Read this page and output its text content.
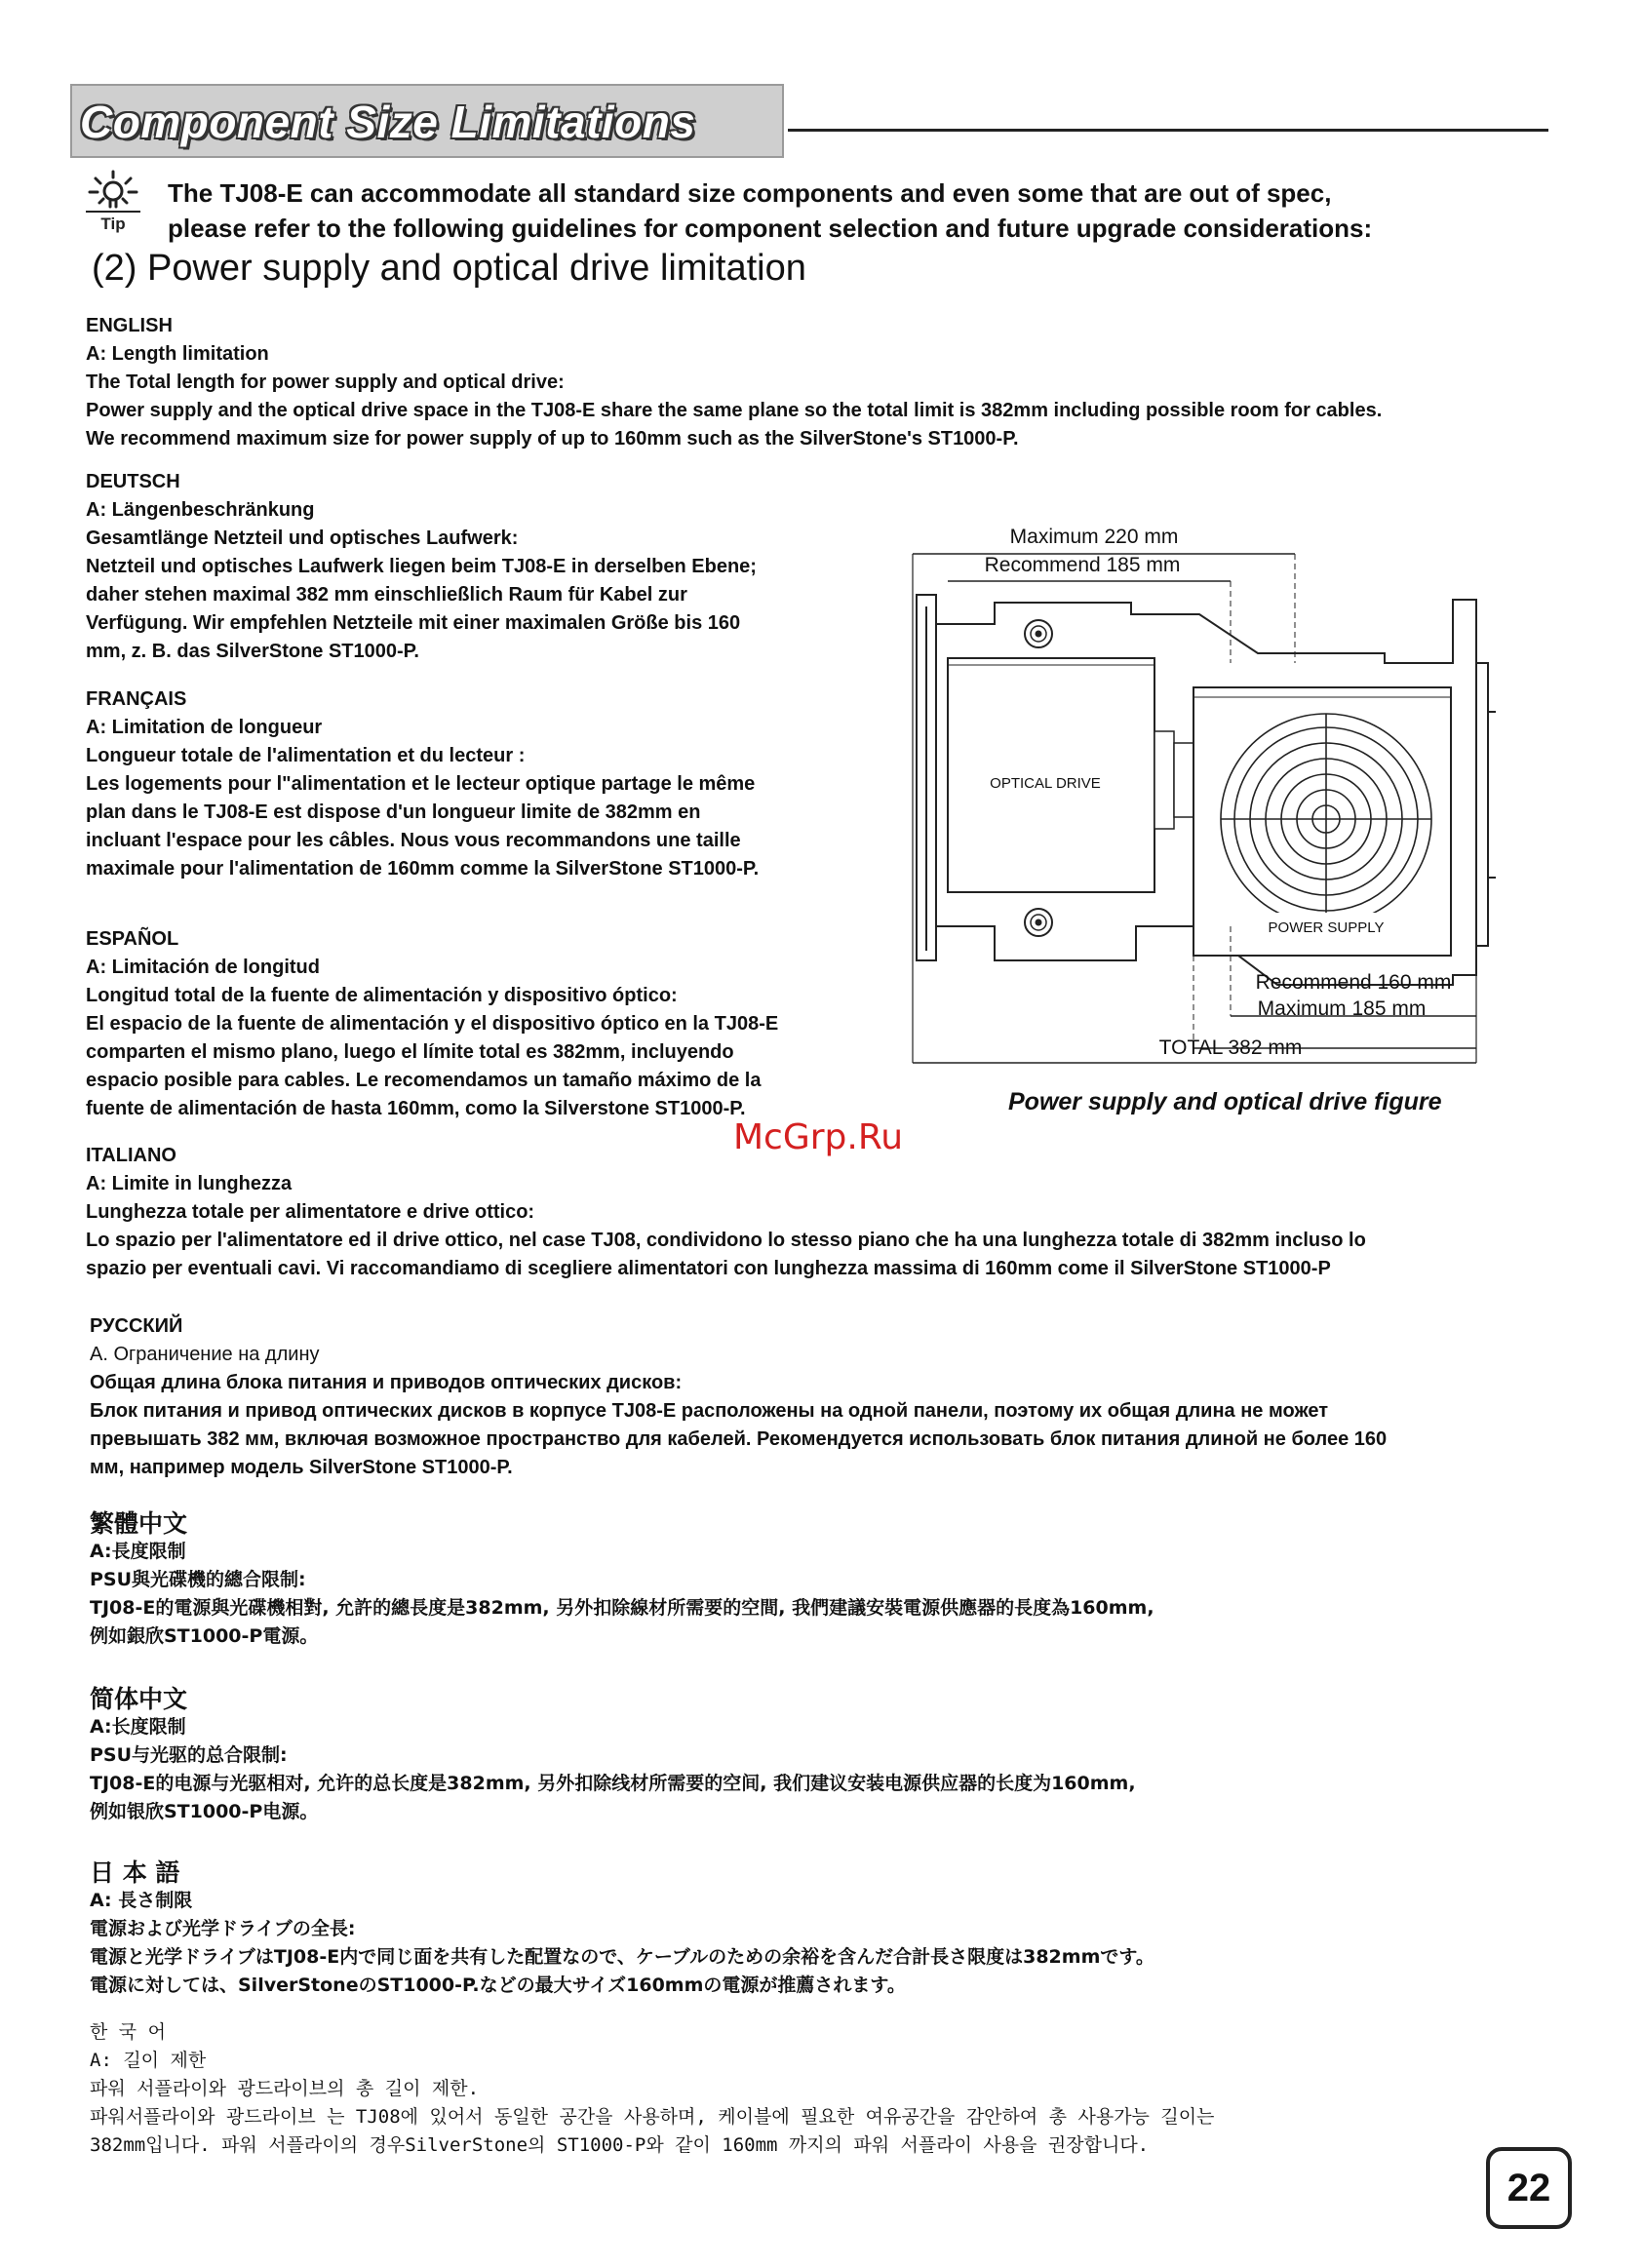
Component Size Limitations
Tip
The TJ08-E can accommodate all standard size components and even some that are out of spec,
please refer to the following guidelines for component selection and future upgrade considerations:
(2) Power supply and optical drive limitation
ENGLISH
A: Length limitation
The Total length for power supply and optical drive:
Power supply and the optical drive space in the TJ08-E share the same plane so the total limit is 382mm including possible room for cables.
We recommend maximum size for power supply of up to 160mm such as the SilverStone's ST1000-P.
DEUTSCH
A: Längenbeschränkung
Gesamtlänge Netzteil und optisches Laufwerk:
Netzteil und optisches Laufwerk liegen beim TJ08-E in derselben Ebene;
daher stehen maximal 382 mm einschließlich Raum für Kabel zur
Verfügung. Wir empfehlen Netzteile mit einer maximalen Größe bis 160
mm, z. B. das SilverStone ST1000-P.
FRANÇAIS
A: Limitation de longueur
Longueur totale de l'alimentation et du lecteur :
Les logements pour l"alimentation et le lecteur optique partage le même
plan dans le TJ08-E est dispose d'un longueur limite de 382mm en
incluant l'espace pour les câbles. Nous vous recommandons une taille
maximale pour l'alimentation de 160mm comme la SilverStone ST1000-P.
ESPAÑOL
A: Limitación de longitud
Longitud total de la fuente de alimentación y dispositivo óptico:
El espacio de la fuente de alimentación y el dispositivo óptico en la TJ08-E
comparten el mismo plano, luego el límite total es 382mm, incluyendo
espacio posible para cables. Le recomendamos un tamaño máximo de la
fuente de alimentación de hasta 160mm, como la Silverstone ST1000-P.
ITALIANO
A: Limite in lunghezza
Lunghezza totale per alimentatore e drive ottico:
Lo spazio per l'alimentatore ed il drive ottico, nel case TJ08, condividono lo stesso piano che ha una lunghezza totale di 382mm incluso lo
spazio per eventuali cavi. Vi raccomandiamo di scegliere alimentatori con lunghezza massima di 160mm come il SilverStone ST1000-P
РУССКИЙ
А. Ограничение на длину
Общая длина блока питания и приводов оптических дисков:
Блок питания и привод оптических дисков в корпусе TJ08-E расположены на одной панели, поэтому их общая длина не может
превышать 382 мм, включая возможное пространство для кабелей. Рекомендуется использовать блок питания длиной не более 160
мм, например модель SilverStone ST1000-P.
繁體中文
A:長度限制
PSU與光碟機的總合限制:
TJ08-E的電源與光碟機相對, 允許的總長度是382mm, 另外扣除線材所需要的空間, 我們建議安裝電源供應器的長度為160mm,
例如銀欣ST1000-P電源。
简体中文
A:长度限制
PSU与光驱的总合限制:
TJ08-E的电源与光驱相对, 允许的总长度是382mm, 另外扣除线材所需要的空间, 我们建议安装电源供应器的长度为160mm,
例如银欣ST1000-P电源。
日 本 語
A: 長さ制限
電源および光学ドライブの全長:
電源と光学ドライブはTJ08-E内で同じ面を共有した配置なので、ケーブルのための余裕を含んだ合計長さ限度は382mmです。
電源に対しては、SilverStoneのST1000-P.などの最大サイズ160mmの電源が推薦されます。
한 국 어
A: 길이 제한
파워 서플라이와 광드라이브의 총 길이 제한.
파워서플라이와 광드라이브 는 TJ08에 있어서 동일한 공간을 사용하며, 케이블에 필요한 여유공간을 감안하여 총 사용가능 길이는
382mm입니다. 파워 서플라이의 경우SilverStone의 ST1000-P와 같이 160mm 까지의 파워 서플라이 사용을 권장합니다.
Maximum 220 mm
Recommend 185 mm
OPTICAL DRIVE
POWER SUPPLY
Recommend 160 mm
Maximum 185 mm
TOTAL 382 mm
Power supply and optical drive figure
McGrp.Ru
22
